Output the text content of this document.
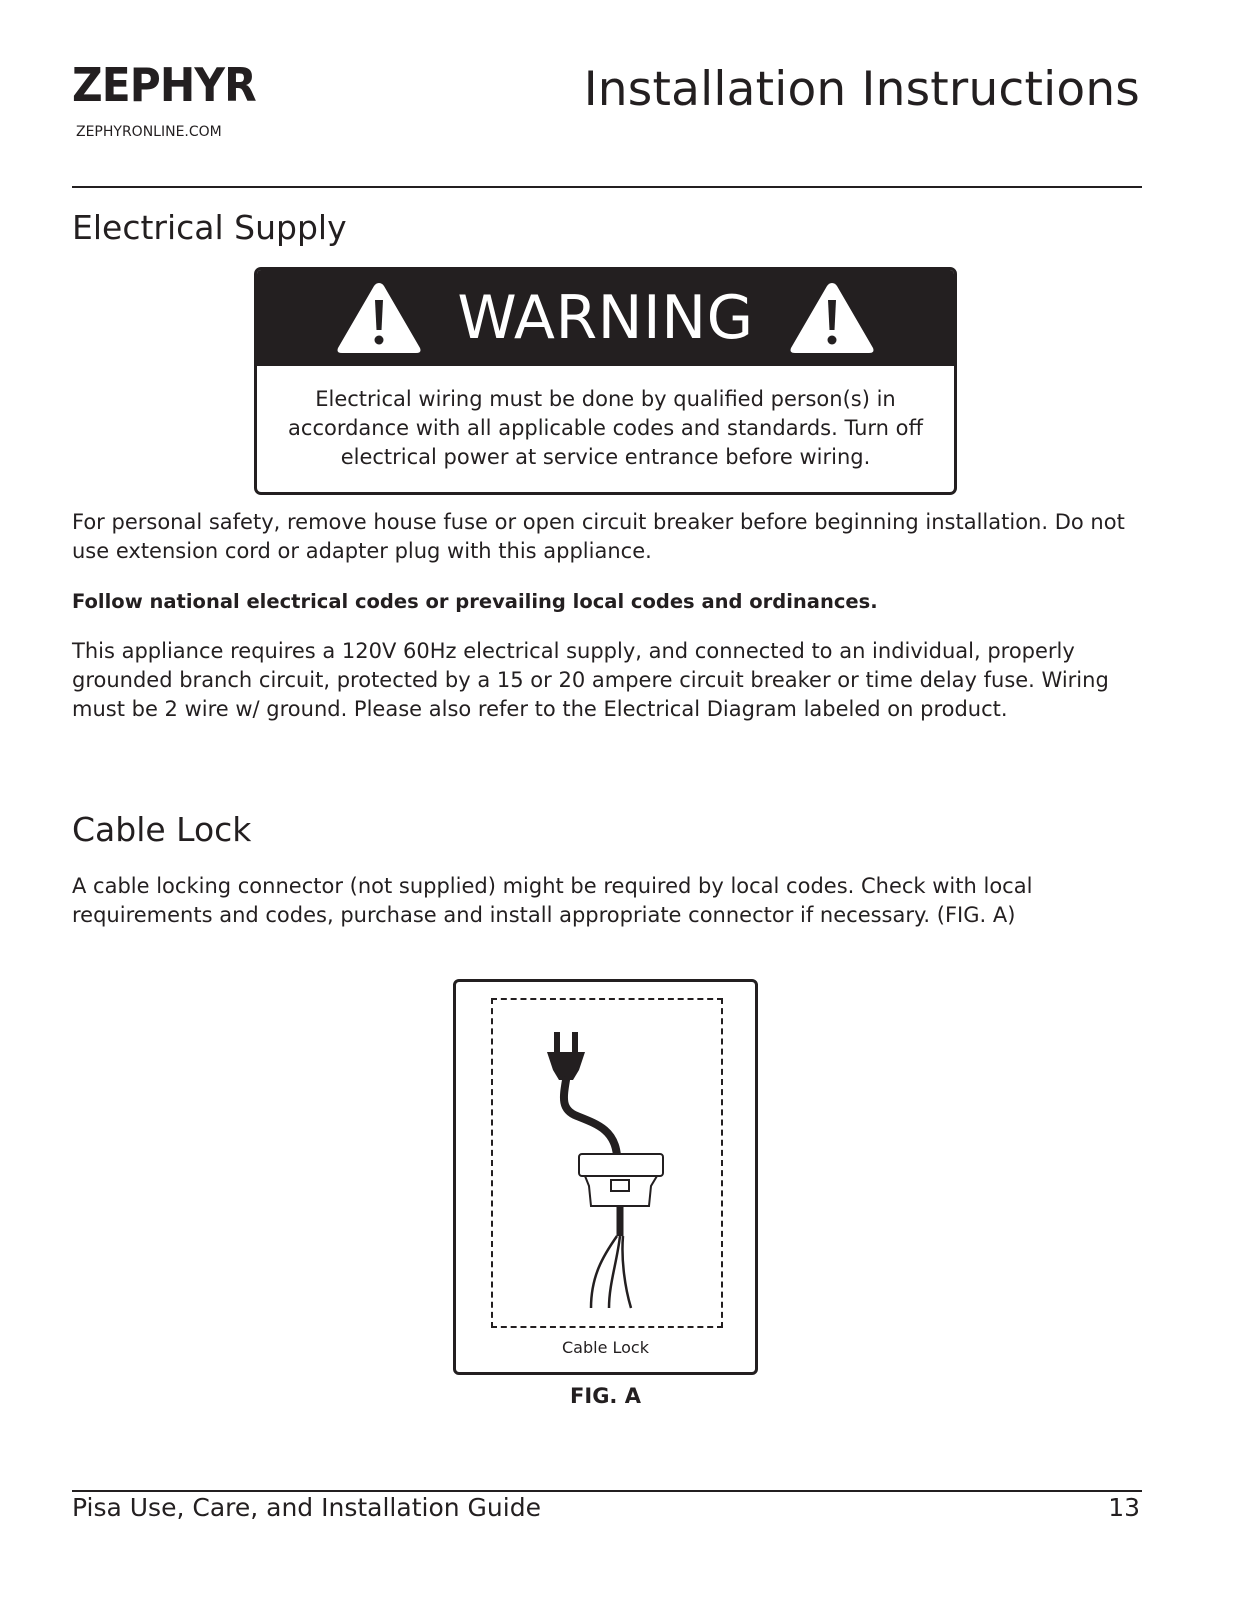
ZEPHYR
ZEPHYRONLINE.COM
Installation Instructions
Electrical Supply
WARNING
Electrical wiring must be done by qualified person(s) in
accordance with all applicable codes and standards. Turn off
electrical power at service entrance before wiring.

For personal safety, remove house fuse or open circuit breaker before beginning installation. Do not
use extension cord or adapter plug with this appliance.

Follow national electrical codes or prevailing local codes and ordinances.

This appliance requires a 120V 60Hz electrical supply, and connected to an individual, properly
grounded branch circuit, protected by a 15 or 20 ampere circuit breaker or time delay fuse. Wiring
must be 2 wire w/ ground. Please also refer to the Electrical Diagram labeled on product.

Cable Lock

A cable locking connector (not supplied) might be required by local codes. Check with local
requirements and codes, purchase and install appropriate connector if necessary. (FIG. A)

Cable Lock
FIG. A
Pisa Use, Care, and Installation Guide	13
